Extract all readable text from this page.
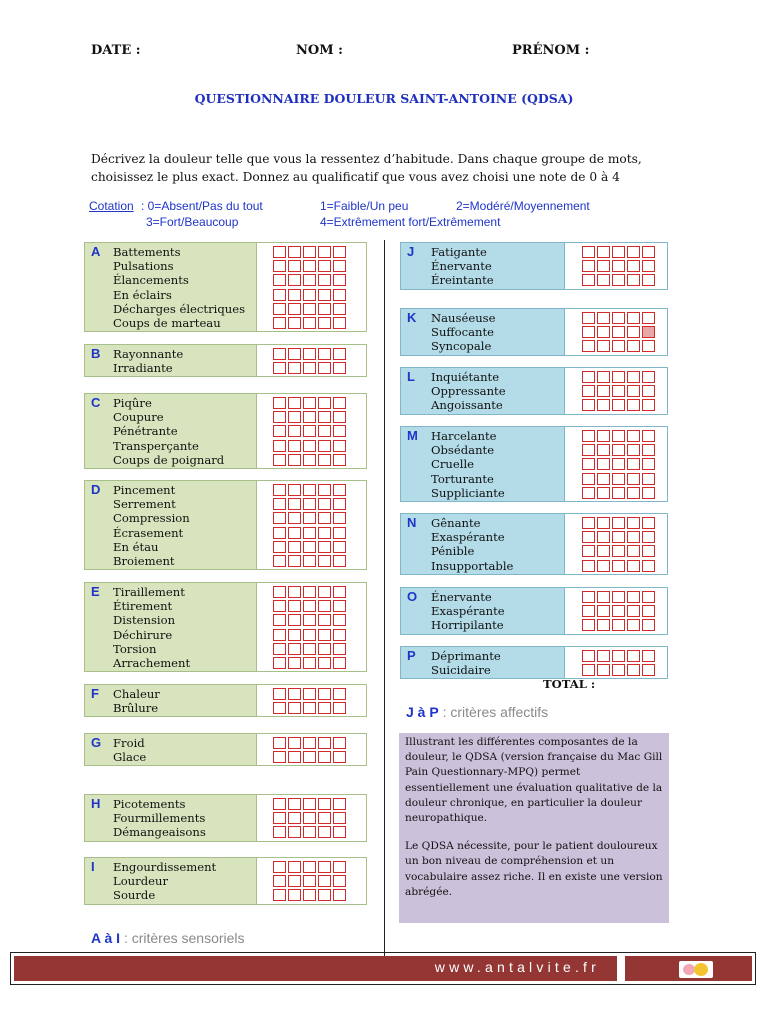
DATE :	NOM :	PRÉNOM :
QUESTIONNAIRE DOULEUR SAINT-ANTOINE (QDSA)
Décrivez la douleur telle que vous la ressentez d’habitude. Dans chaque groupe de mots, choisissez le plus exact. Donnez au qualificatif que vous avez choisi une note de 0 à 4
Cotation : 0=Absent/Pas du tout	1=Faible/Un peu	2=Modéré/Moyennement
3=Fort/Beaucoup	4=Extrêmement fort/Extrêmement
A Battements
Pulsations
Élancements
En éclairs
Décharges électriques
Coups de marteau
B Rayonnante
Irradiante
C Piqûre
Coupure
Pénétrante
Transperçante
Coups de poignard
D Pincement
Serrement
Compression
Écrasement
En étau
Broiement
E Tiraillement
Étirement
Distension
Déchirure
Torsion
Arrachement
F Chaleur
Brûlure
G Froid
Glace
H Picotements
Fourmillements
Démangeaisons
I Engourdissement
Lourdeur
Sourde
J Fatigante
Énervante
Éreintante
K Nauséeuse
Suffocante
Syncopale
L Inquiétante
Oppressante
Angoissante
M Harcelante
Obsédante
Cruelle
Torturante
Suppliciante
N Gênante
Exaspérante
Pénible
Insupportable
O Énervante
Exaspérante
Horripilante
P Déprimante
Suicidaire
TOTAL :
J à P : critères affectifs
A à I : critères sensoriels

Illustrant les différentes composantes de la douleur, le QDSA (version française du Mac Gill Pain Questionnary-MPQ) permet essentiellement une évaluation qualitative de la douleur chronique, en particulier la douleur neuropathique.

Le QDSA nécessite, pour le patient douloureux un bon niveau de compréhension et un vocabulaire assez riche. Il en existe une version abrégée.

www.antalvite.fr
